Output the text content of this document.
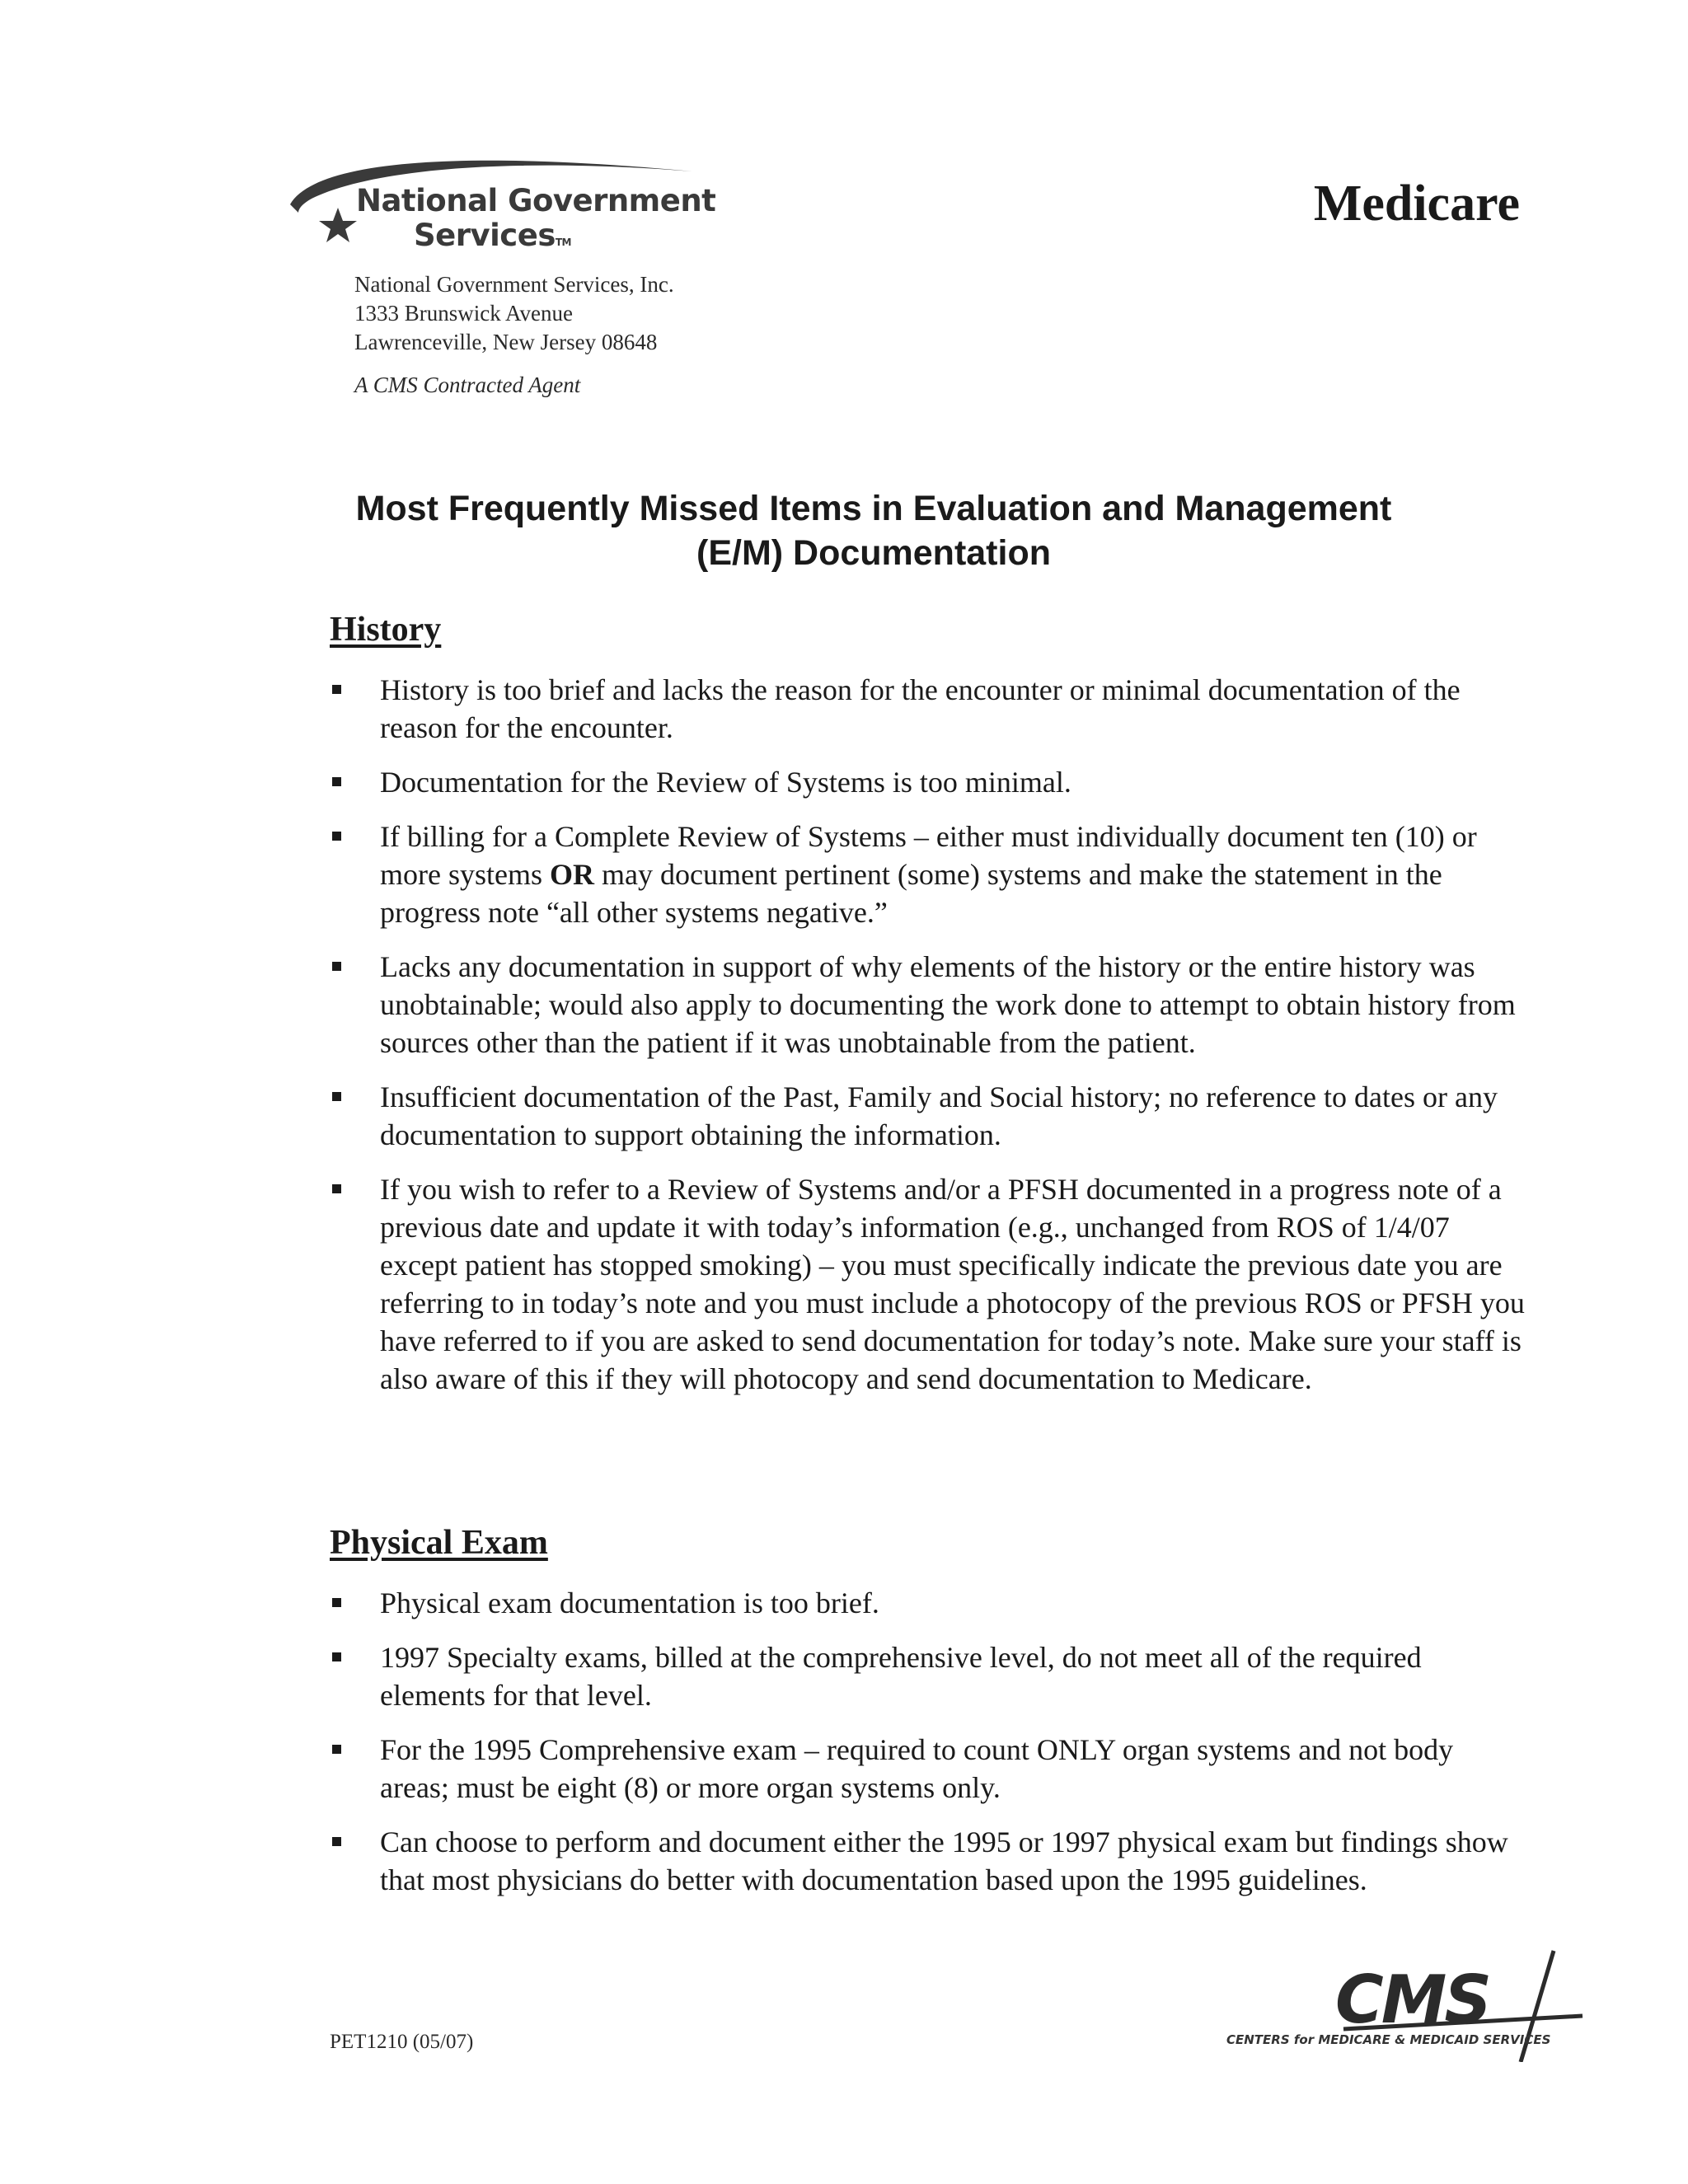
National Government
ServicesTM
Medicare
National Government Services, Inc.
1333 Brunswick Avenue
Lawrenceville, New Jersey 08648
A CMS Contracted Agent
Most Frequently Missed Items in Evaluation and Management
(E/M) Documentation
History
History is too brief and lacks the reason for the encounter or minimal documentation of the reason for the encounter.
Documentation for the Review of Systems is too minimal.
If billing for a Complete Review of Systems – either must individually document ten (10) or more systems OR may document pertinent (some) systems and make the statement in the progress note “all other systems negative.”
Lacks any documentation in support of why elements of the history or the entire history was unobtainable; would also apply to documenting the work done to attempt to obtain history from sources other than the patient if it was unobtainable from the patient.
Insufficient documentation of the Past, Family and Social history; no reference to dates or any documentation to support obtaining the information.
If you wish to refer to a Review of Systems and/or a PFSH documented in a progress note of a previous date and update it with today’s information (e.g., unchanged from ROS of 1/4/07 except patient has stopped smoking) – you must specifically indicate the previous date you are referring to in today’s note and you must include a photocopy of the previous ROS or PFSH you have referred to if you are asked to send documentation for today’s note. Make sure your staff is also aware of this if they will photocopy and send documentation to Medicare.
Physical Exam
Physical exam documentation is too brief.
1997 Specialty exams, billed at the comprehensive level, do not meet all of the required elements for that level.
For the 1995 Comprehensive exam – required to count ONLY organ systems and not body areas; must be eight (8) or more organ systems only.
Can choose to perform and document either the 1995 or 1997 physical exam but findings show that most physicians do better with documentation based upon the 1995 guidelines.
PET1210 (05/07)
CMS
CENTERS for MEDICARE & MEDICAID SERVICES
